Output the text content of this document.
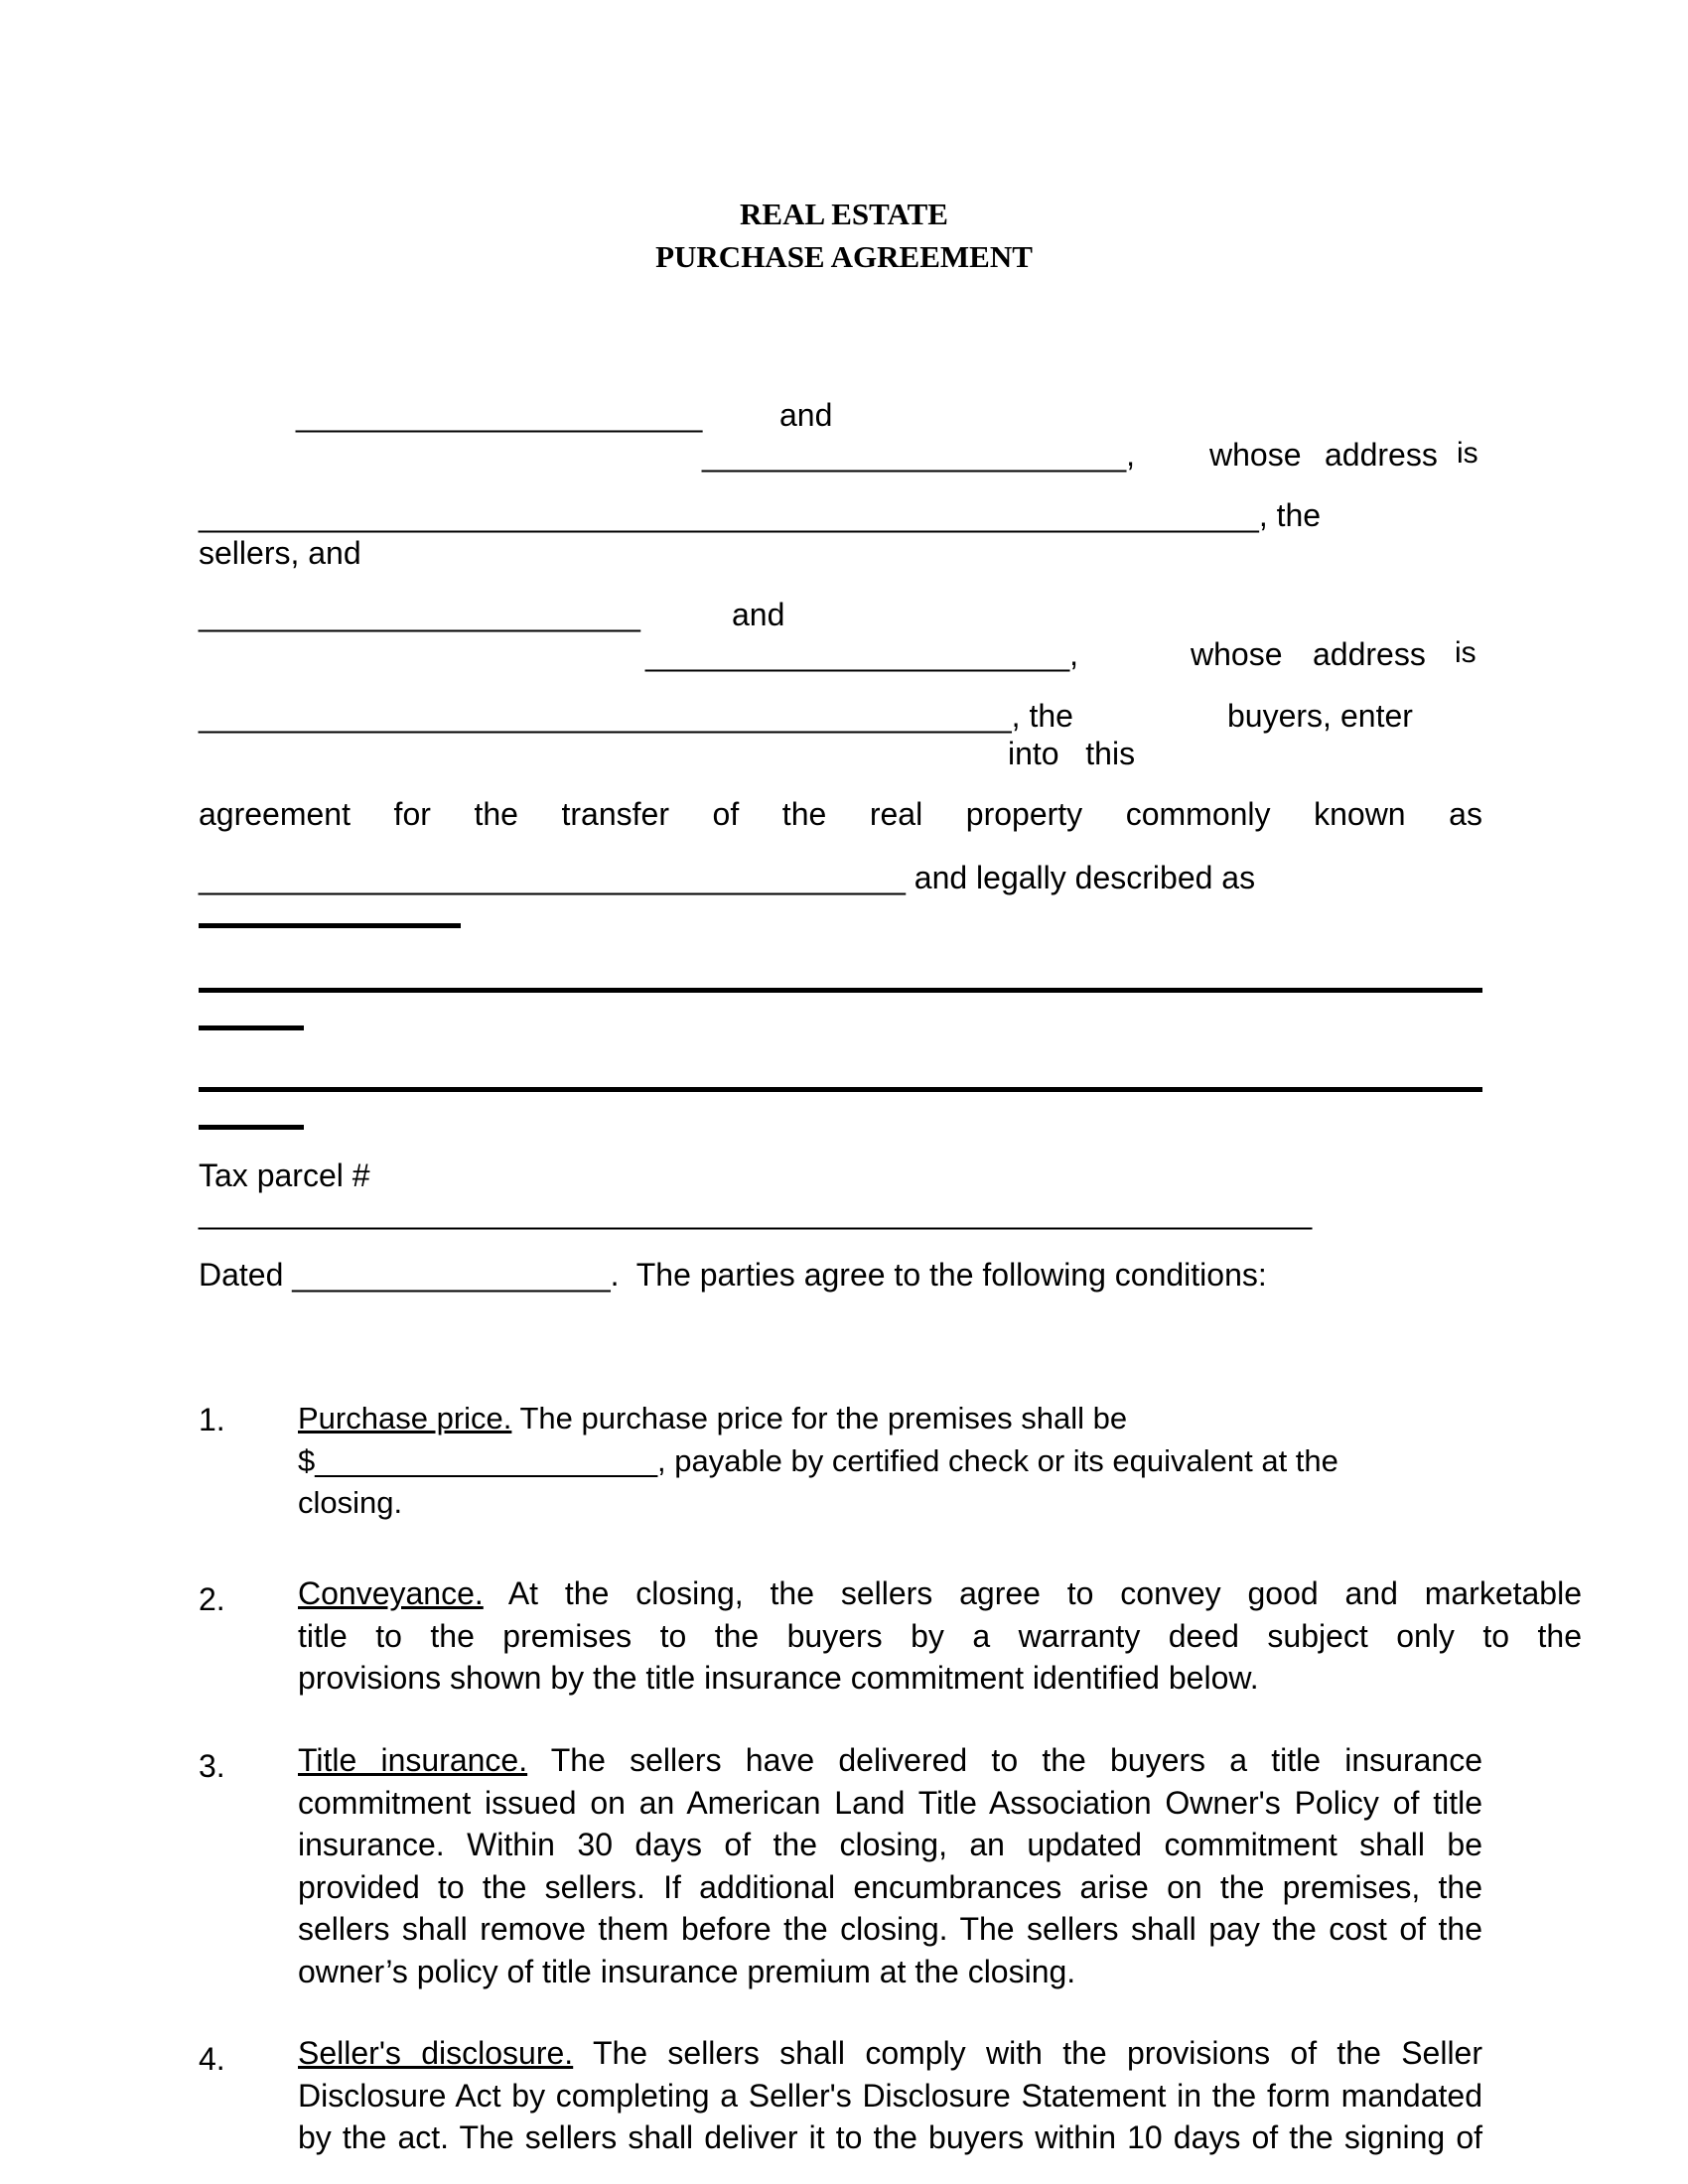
REAL ESTATE
PURCHASE AGREEMENT
_______________________ and
________________________, whose address is
____________________________________________________________, the
sellers, and
_________________________	and
________________________,	whose address is
______________________________________________, the	buyers, enter
into   this
agreement for the transfer of the real property commonly known as
________________________________________ and legally described as
Tax parcel #
_______________________________________________________________
Dated __________________.  The parties agree to the following conditions:
1. Purchase price. The purchase price for the premises shall be
$____________________, payable by certified check or its equivalent at the
closing.
2. Conveyance. At the closing, the sellers agree to convey good and marketable
title to the premises to the buyers by a warranty deed subject only to the
provisions shown by the title insurance commitment identified below.
3. Title insurance. The sellers have delivered to the buyers a title insurance
commitment issued on an American Land Title Association Owner's Policy of title
insurance. Within 30 days of the closing, an updated commitment shall be
provided to the sellers. If additional encumbrances arise on the premises, the
sellers shall remove them before the closing. The sellers shall pay the cost of the
owner’s policy of title insurance premium at the closing.
4. Seller's disclosure. The sellers shall comply with the provisions of the Seller
Disclosure Act by completing a Seller's Disclosure Statement in the form mandated
by the act. The sellers shall deliver it to the buyers within 10 days of the signing of
